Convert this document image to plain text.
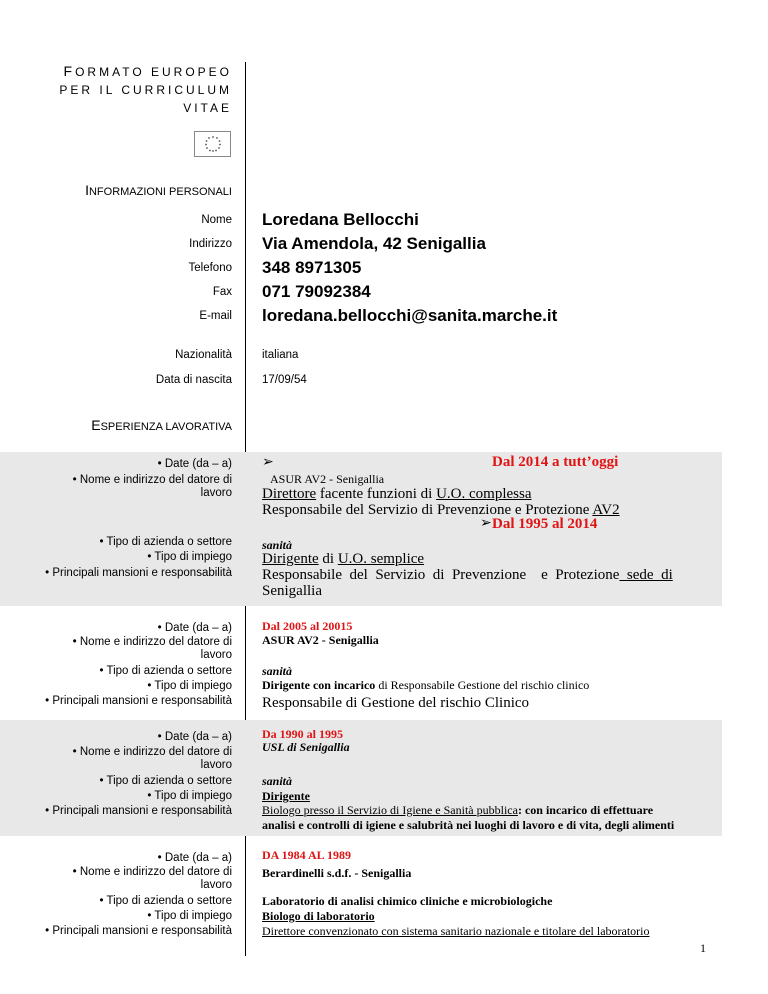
FORMATO EUROPEO
PER IL CURRICULUM
VITAE
INFORMAZIONI PERSONALI
Nome
Indirizzo
Telefono
Fax
E-mail
Nazionalità
Data di nascita
Loredana Bellocchi
Via Amendola, 42 Senigallia
348 8971305
071 79092384
loredana.bellocchi@sanita.marche.it
italiana
17/09/54
ESPERIENZA LAVORATIVA
• Date (da – a)
• Nome e indirizzo del datore di
lavoro
• Tipo di azienda o settore
• Tipo di impiego
• Principali mansioni e responsabilità
➢	Dal 2014 a tutt’oggi
ASUR AV2 - Senigallia
Direttore facente funzioni di U.O. complessa
Responsabile del Servizio di Prevenzione e Protezione AV2
➢ Dal 1995 al 2014
sanità
Dirigente di U.O. semplice
Responsabile  del  Servizio  di  Prevenzione    e  Protezione  sede  di
Senigallia
• Date (da – a)
• Nome e indirizzo del datore di
lavoro
• Tipo di azienda o settore
• Tipo di impiego
• Principali mansioni e responsabilità
Dal 2005 al 20015
ASUR AV2 - Senigallia
sanità
Dirigente con incarico di Responsabile Gestione del rischio clinico
Responsabile di Gestione del rischio Clinico
• Date (da – a)
• Nome e indirizzo del datore di
lavoro
• Tipo di azienda o settore
• Tipo di impiego
• Principali mansioni e responsabilità
Da 1990 al 1995
USL di Senigallia
sanità
Dirigente
Biologo presso il Servizio di Igiene e Sanità pubblica: con incarico di effettuare
analisi e controlli di igiene e salubrità nei luoghi di lavoro e di vita, degli alimenti
• Date (da – a)
• Nome e indirizzo del datore di
lavoro
• Tipo di azienda o settore
• Tipo di impiego
• Principali mansioni e responsabilità
DA 1984 AL 1989
Berardinelli s.d.f. - Senigallia
Laboratorio di analisi chimico cliniche e microbiologiche
Biologo di laboratorio
Direttore convenzionato con sistema sanitario nazionale e titolare del laboratorio
1
